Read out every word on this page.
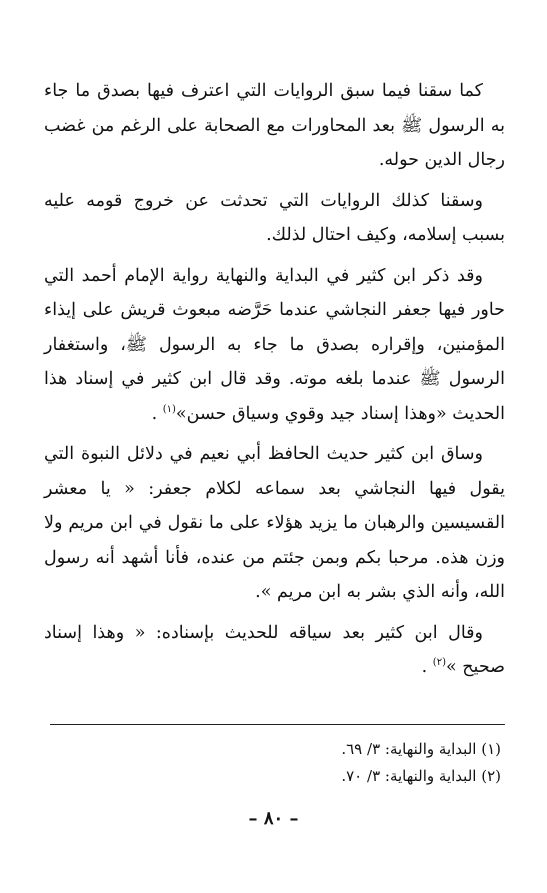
كما سقنا فيما سبق الروايات التي اعترف فيها بصدق ما جاء به الرسول ﷺ بعد المحاورات مع الصحابة على الرغم من غضب رجال الدين حوله.

وسقنا كذلك الروايات التي تحدثت عن خروج قومه عليه بسبب إسلامه، وكيف احتال لذلك.

وقد ذكر ابن كثير في البداية والنهاية رواية الإمام أحمد التي حاور فيها جعفر النجاشي عندما حَرَّضه مبعوث قريش على إيذاء المؤمنين، وإقراره بصدق ما جاء به الرسول ﷺ، واستغفار الرسول ﷺ عندما بلغه موته. وقد قال ابن كثير في إسناد هذا الحديث «وهذا إسناد جيد وقوي وسياق حسن»$^{(١)}$ .

وساق ابن كثير حديث الحافظ أبي نعيم في دلائل النبوة التي يقول فيها النجاشي بعد سماعه لكلام جعفر: « يا معشر القسيسين والرهبان ما يزيد هؤلاء على ما نقول في ابن مريم ولا وزن هذه. مرحبا بكم وبمن جئتم من عنده، فأنا أشهد أنه رسول الله، وأنه الذي بشر به ابن مريم ».

وقال ابن كثير بعد سياقه للحديث بإسناده: « وهذا إسناد صحيح »$^{(٢)}$ .

(١) البداية والنهاية: ٣/ ٦٩.

(٢) البداية والنهاية: ٣/ ٧٠.

– ٨٠ –
